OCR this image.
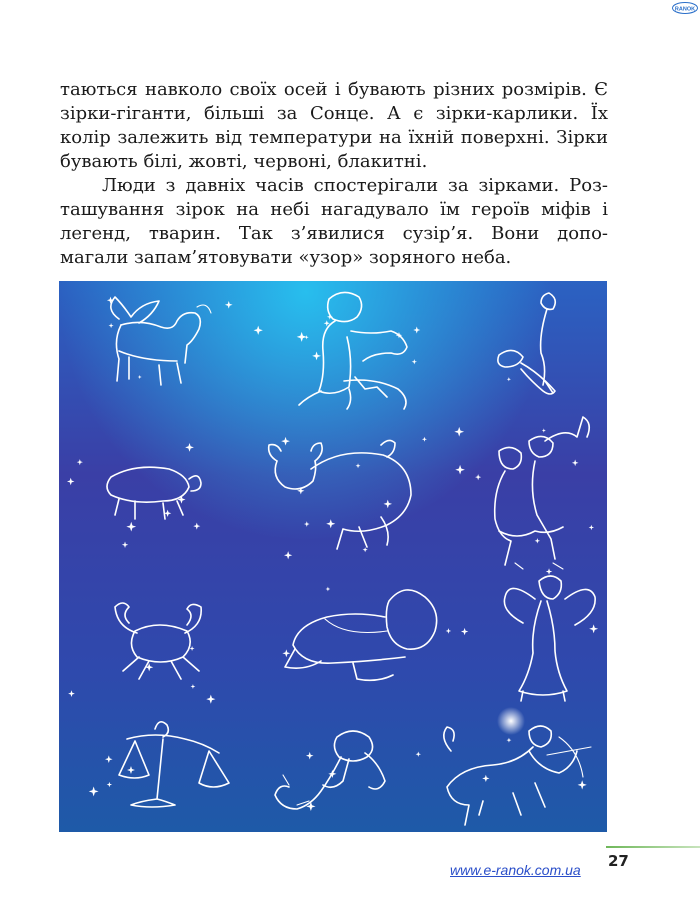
RANOK

таються навколо своїх осей і бувають різних розмірів. Є зірки-гіганти, більші за Сонце. А є зірки-карлики. Їх колір залежить від температури на їхній поверхні. Зірки бувають білі, жовті, червоні, блакитні.

Люди з давніх часів спостерігали за зірками. Роз- ташування зірок на небі нагадувало їм героїв міфів і легенд, тварин. Так з’явилися сузір’я. Вони допо- магали запам’ятовувати «узор» зоряного неба.

27
www.e-ranok.com.ua
